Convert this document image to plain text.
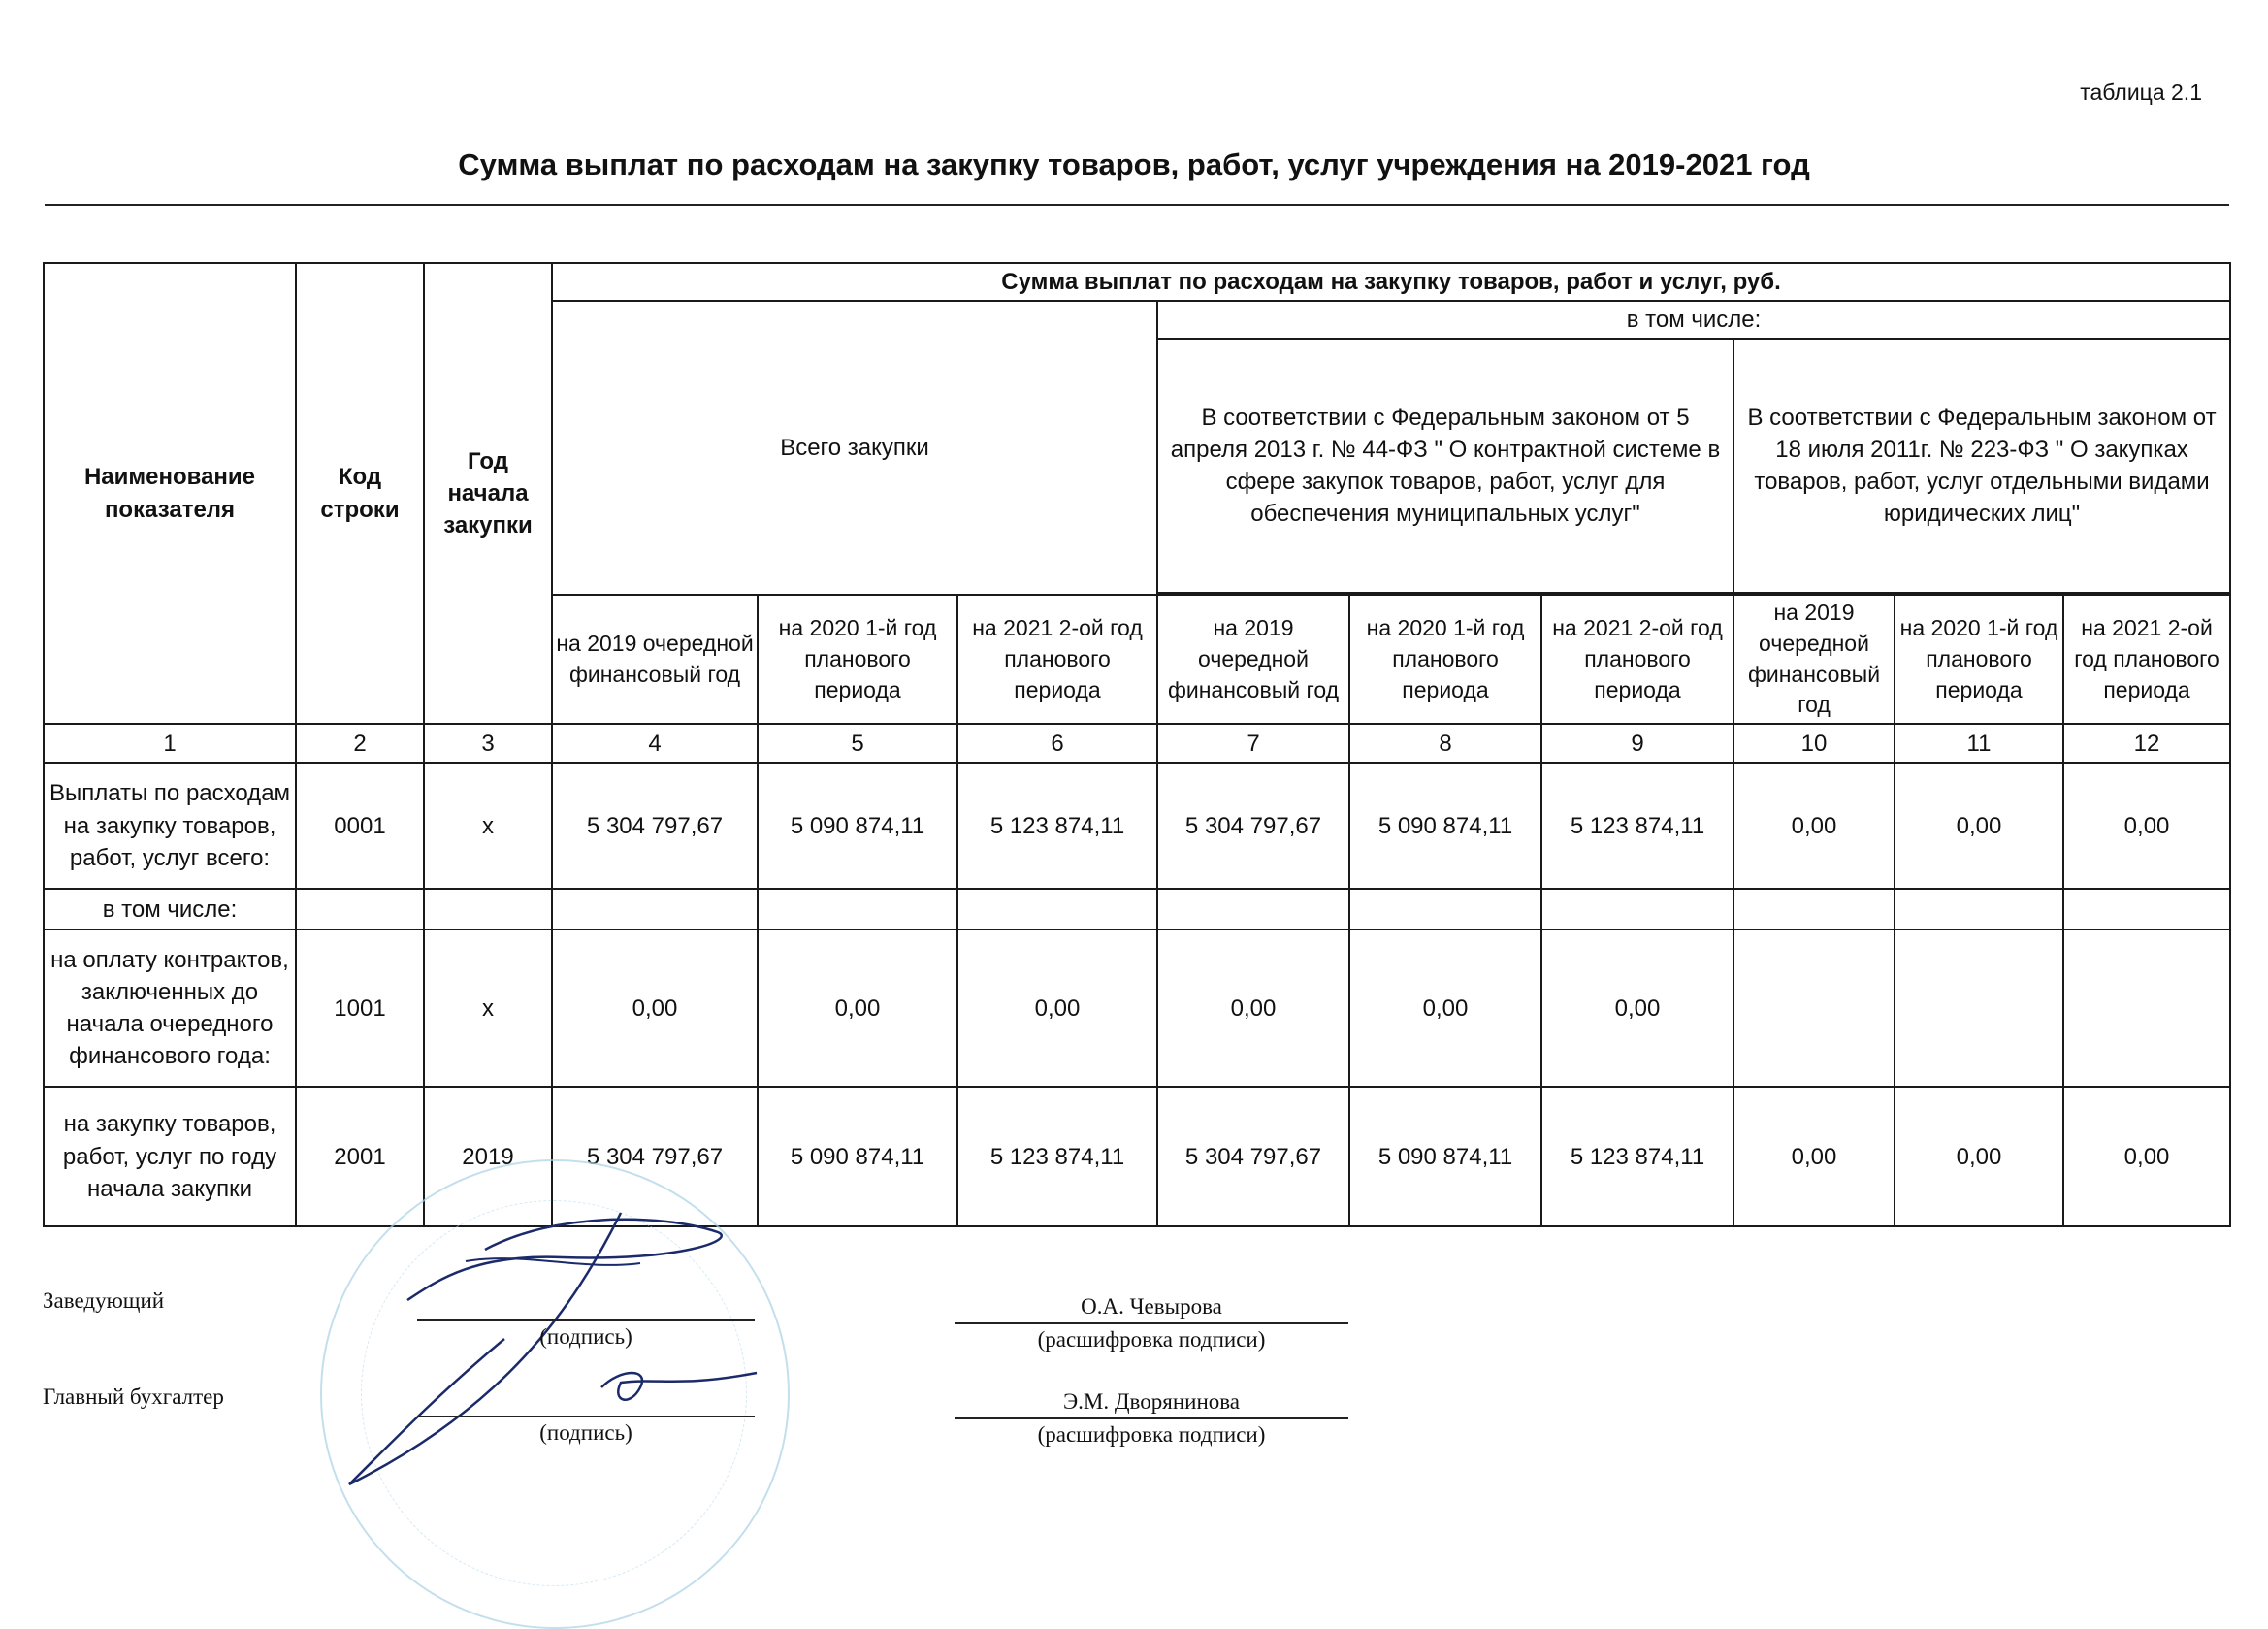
таблица 2.1
Сумма выплат по расходам на закупку товаров, работ, услуг учреждения на 2019-2021 год
Наименование показателя	Код строки	Год начала закупки	Сумма выплат по расходам на закупку товаров, работ и услуг, руб.								
			Всего закупки			в том числе:					
						В соответствии с Федеральным законом от 5 апреля 2013 г. № 44-ФЗ " О контрактной системе в сфере закупок товаров, работ, услуг для обеспечения муниципальных услуг"			В соответствии с Федеральным законом от 18 июля 2011г. № 223-ФЗ " О закупках товаров, работ, услуг отдельными видами юридических лиц"		

			на 2019 очередной финансовый год	на 2020 1-й год планового периода	на 2021 2-ой год планового периода	на 2019 очередной финансовый год	на 2020 1-й год планового периода	на 2021 2-ой год планового периода	на 2019 очередной финансовый год	на 2020 1-й год планового периода	на 2021 2-ой год планового периода
1	2	3	4	5	6	7	8	9	10	11	12
Выплаты по расходам на закупку товаров, работ, услуг всего:	0001	х	5 304 797,67	5 090 874,11	5 123 874,11	5 304 797,67	5 090 874,11	5 123 874,11	0,00	0,00	0,00
в том числе:											
на оплату контрактов, заключенных до начала очередного финансового года:	1001	х	0,00	0,00	0,00	0,00	0,00	0,00			
на закупку товаров, работ, услуг по году начала закупки	2001	2019	5 304 797,67	5 090 874,11	5 123 874,11	5 304 797,67	5 090 874,11	5 123 874,11	0,00	0,00	0,00
Заведующий
(подпись)
О.А. Чевырова
(расшифровка подписи)
Главный бухгалтер
(подпись)
Э.М. Дворянинова
(расшифровка подписи)
